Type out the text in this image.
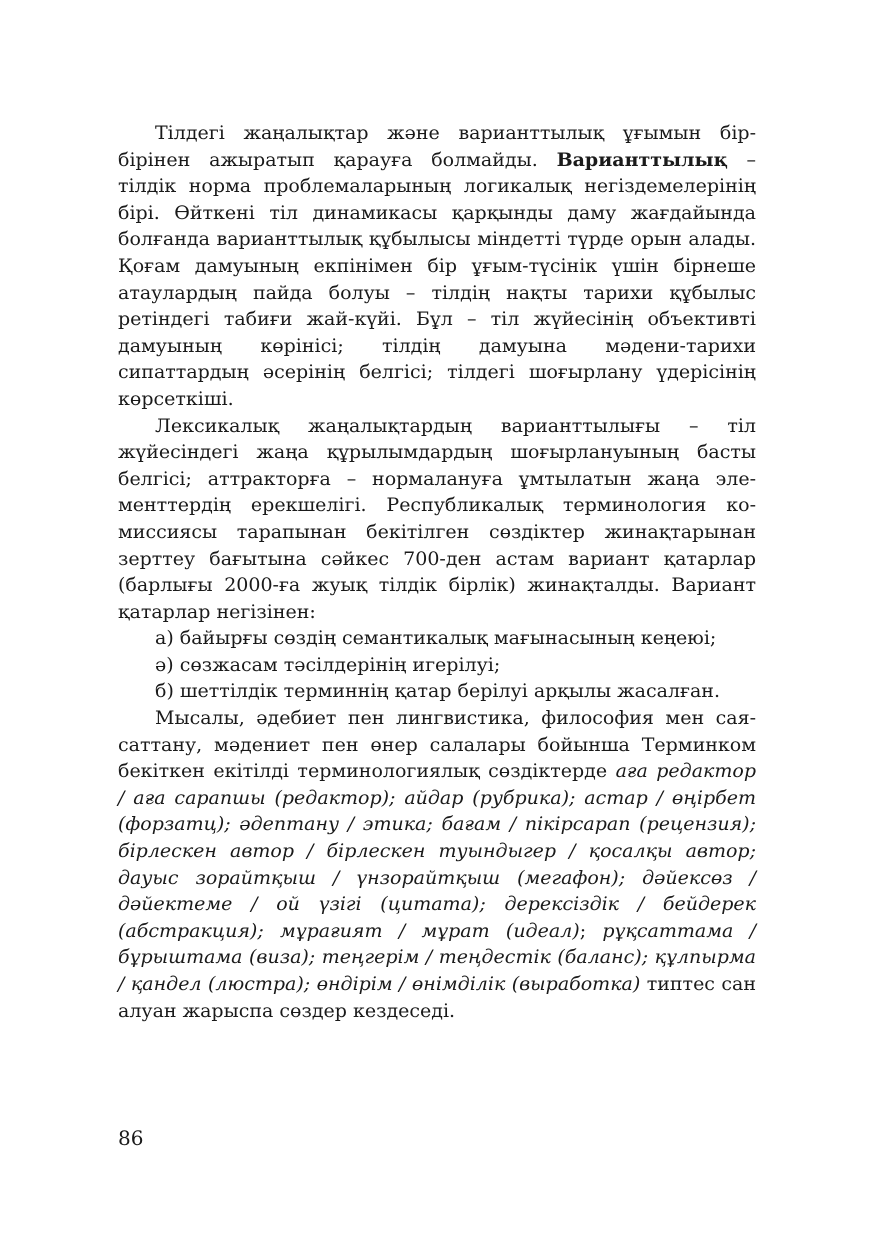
Тілдегі жаңалықтар және варианттылық ұғымын бірбірінен ажыратып қарауға болмайды. Варианттылық – тілдік норма проблемаларының логикалық негіздемелерінің бірі. Өйткені тіл динамикасы қарқынды даму жағдайында болғанда варианттылық құбылысы міндетті түрде орын алады. Қоғам дамуының екпінімен бір ұғым-түсінік үшін бірнеше атаулардың пайда болуы – тілдің нақты тарихи құбылыс ретіндегі табиғи жай-күйі. Бұл – тіл жүйесінің объективті дамуының көрінісі; тілдің дамуына мәдени-тарихи сипаттардың әсерінің белгісі; тілдегі шоғырлану үдерісінің көрсеткіші.

Лексикалық жаңалықтардың варианттылығы – тіл жүйесіндегі жаңа құрылымдардың шоғырлануының басты белгісі; аттракторға – нормалануға ұмтылатын жаңа элементтердің ерекшелігі. Республикалық терминология комиссиясы тарапынан бекітілген сөздіктер жинақтарынан зерттеу бағытына сәйкес 700-ден астам вариант қатарлар (барлығы 2000-ға жуық тілдік бірлік) жинақталды. Вариант қатарлар негізінен:

а) байырғы сөздің семантикалық мағынасының кеңеюі;

ә) сөзжасам тәсілдерінің игерілуі;

б) шеттілдік терминнің қатар берілуі арқылы жасалған.

Мысалы, әдебиет пен лингвистика, философия мен саясаттану, мәдениет пен өнер салалары бойынша Терминком бекіткен екітілді терминологиялық сөздіктерде аға редактор / аға сарапшы (редактор); айдар (рубрика); астар / өңірбет (форзатц); әдептану / этика; бағам / пікірсарап (рецензия); бірлескен автор / бірлескен туындыгер / қосалқы автор; дауыс зорайтқыш / үнзорайтқыш (мегафон); дәйексөз / дәйектеме / ой үзігі (цитата); дерексіздік / бейдерек (абстракция); мұрағият / мұрат (идеал); рұқсаттама / бұрыштама (виза); теңгерім / теңдестік (баланс); құлпырма / қандел (люстра); өндірім / өнімділік (выработка) типтес сан алуан жарыспа сөздер кездеседі.

86
